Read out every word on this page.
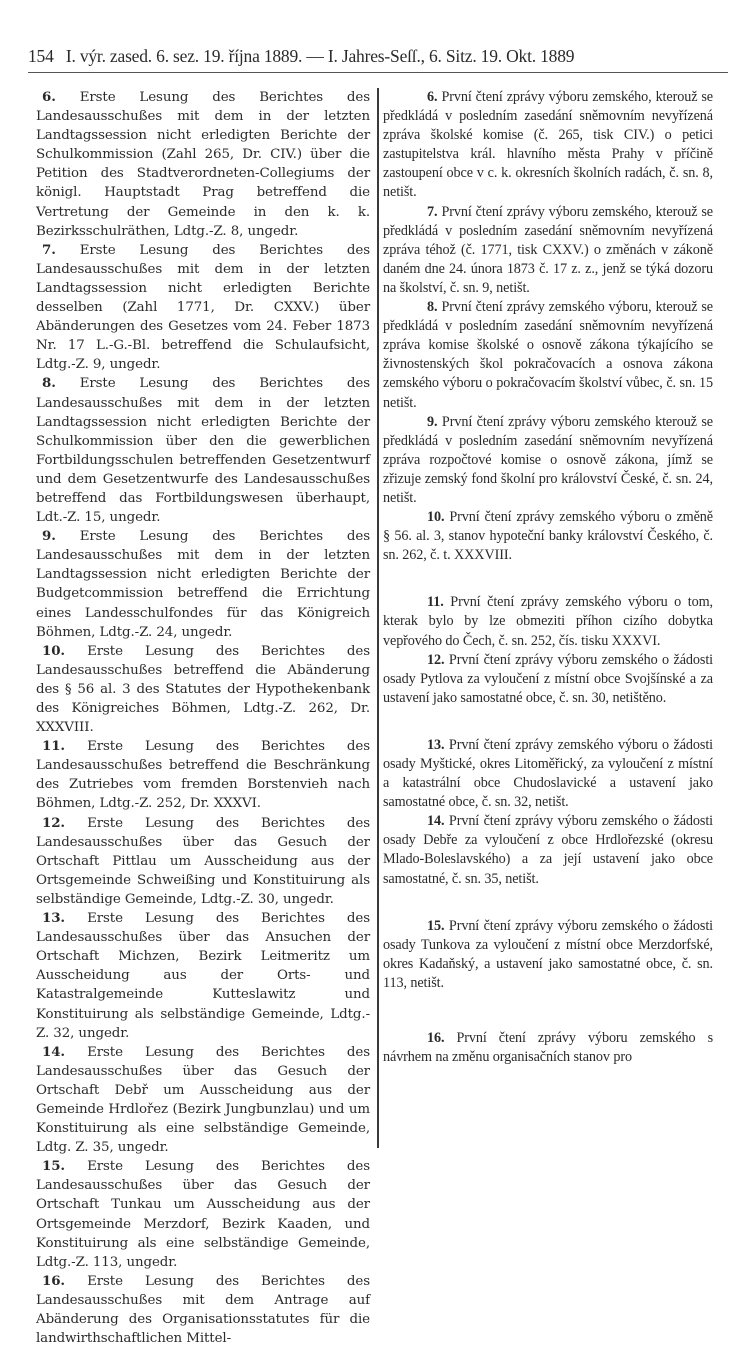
154 I. výr. zased. 6. sez. 19. října 1889. — I. Jahres-Seſſ., 6. Sitz. 19. Okt. 1889

6. Erste Lesung des Berichtes des Landesausschußes mit dem in der letzten Landtagssession nicht erledigten Berichte der Schulkommission (Zahl 265, Dr. CIV.) über die Petition des Stadtverordneten-Collegiums der königl. Hauptstadt Prag betreffend die Vertretung der Gemeinde in den k. k. Bezirksschulräthen, Ldtg.-Z. 8, ungedr.

7. Erste Lesung des Berichtes des Landesausschußes mit dem in der letzten Landtagssession nicht erledigten Berichte desselben (Zahl 1771, Dr. CXXV.) über Abänderungen des Gesetzes vom 24. Feber 1873 Nr. 17 L.-G.-Bl. betreffend die Schulaufsicht, Ldtg.-Z. 9, ungedr.

8. Erste Lesung des Berichtes des Landesausschußes mit dem in der letzten Landtagssession nicht erledigten Berichte der Schulkommission über den die gewerblichen Fortbildungsschulen betreffenden Gesetzentwurf und dem Gesetzentwurfe des Landesausschußes betreffend das Fortbildungswesen überhaupt, Ldt.-Z. 15, ungedr.

9. Erste Lesung des Berichtes des Landesausschußes mit dem in der letzten Landtagssession nicht erledigten Berichte der Budgetcommission betreffend die Errichtung eines Landesschulfondes für das Königreich Böhmen, Ldtg.-Z. 24, ungedr.

10. Erste Lesung des Berichtes des Landesausschußes betreffend die Abänderung des § 56 al. 3 des Statutes der Hypothekenbank des Königreiches Böhmen, Ldtg.-Z. 262, Dr. XXXVIII.

11. Erste Lesung des Berichtes des Landesausschußes betreffend die Beschränkung des Zutriebes vom fremden Borstenvieh nach Böhmen, Ldtg.-Z. 252, Dr. XXXVI.

12. Erste Lesung des Berichtes des Landesausschußes über das Gesuch der Ortschaft Pittlau um Ausscheidung aus der Ortsgemeinde Schweißing und Konstituirung als selbständige Gemeinde, Ldtg.-Z. 30, ungedr.

13. Erste Lesung des Berichtes des Landesausschußes über das Ansuchen der Ortschaft Michzen, Bezirk Leitmeritz um Ausscheidung aus der Orts- und Katastralgemeinde Kutteslawitz und Konstituirung als selbständige Gemeinde, Ldtg.-Z. 32, ungedr.

14. Erste Lesung des Berichtes des Landesausschußes über das Gesuch der Ortschaft Debř um Ausscheidung aus der Gemeinde Hrdlořez (Bezirk Jungbunzlau) und um Konstituirung als eine selbständige Gemeinde, Ldtg. Z. 35, ungedr.

15. Erste Lesung des Berichtes des Landesausschußes über das Gesuch der Ortschaft Tunkau um Ausscheidung aus der Ortsgemeinde Merzdorf, Bezirk Kaaden, und Konstituirung als eine selbständige Gemeinde, Ldtg.-Z. 113, ungedr.

16. Erste Lesung des Berichtes des Landesausschußes mit dem Antrage auf Abänderung des Organisationsstatutes für die landwirthschaftlichen Mittel-

6. První čtení zprávy výboru zemského, kterouž se předkládá v posledním zasedání sněmovním nevyřízená zpráva školské komise (č. 265, tisk CIV.) o petici zastupitelstva král. hlavního města Prahy v příčině zastoupení obce v c. k. okresních školních radách, č. sn. 8, netišt.

7. První čtení zprávy výboru zemského, kterouž se předkládá v posledním zasedání sněmovním nevyřízená zpráva téhož (č. 1771, tisk CXXV.) o změnách v zákoně daném dne 24. února 1873 č. 17 z. z., jenž se týká dozoru na školství, č. sn. 9, netišt.

8. První čtení zprávy zemského výboru, kterouž se předkládá v posledním zasedání sněmovním nevyřízená zpráva komise školské o osnově zákona týkajícího se živnostenských škol pokračovacích a osnova zákona zemského výboru o pokračovacím školství vůbec, č. sn. 15 netišt.

9. První čtení zprávy výboru zemského kterouž se předkládá v posledním zasedání sněmovním nevyřízená zpráva rozpočtové komise o osnově zákona, jímž se zřizuje zemský fond školní pro království České, č. sn. 24, netišt.

10. První čtení zprávy zemského výboru o změně § 56. al. 3, stanov hypoteční banky království Českého, č. sn. 262, č. t. XXXVIII.

11. První čtení zprávy zemského výboru o tom, kterak bylo by lze obmeziti příhon cizího dobytka vepřového do Čech, č. sn. 252, čís. tisku XXXVI.

12. První čtení zprávy výboru zemského o žádosti osady Pytlova za vyloučení z místní obce Svojšínské a za ustavení jako samostatné obce, č. sn. 30, netištěno.

13. První čtení zprávy zemského výboru o žádosti osady Myštické, okres Litoměřický, za vyloučení z místní a katastrální obce Chudoslavické a ustavení jako samostatné obce, č. sn. 32, netišt.

14. První čtení zprávy výboru zemského o žádosti osady Debře za vyloučení z obce Hrdlořezské (okresu Mlado-Boleslavského) a za její ustavení jako obce samostatné, č. sn. 35, netišt.

15. První čtení zprávy výboru zemského o žádosti osady Tunkova za vyloučení z místní obce Merzdorfské, okres Kadaňský, a ustavení jako samostatné obce, č. sn. 113, netišt.

16. První čtení zprávy výboru zemského s návrhem na změnu organisačních stanov pro
